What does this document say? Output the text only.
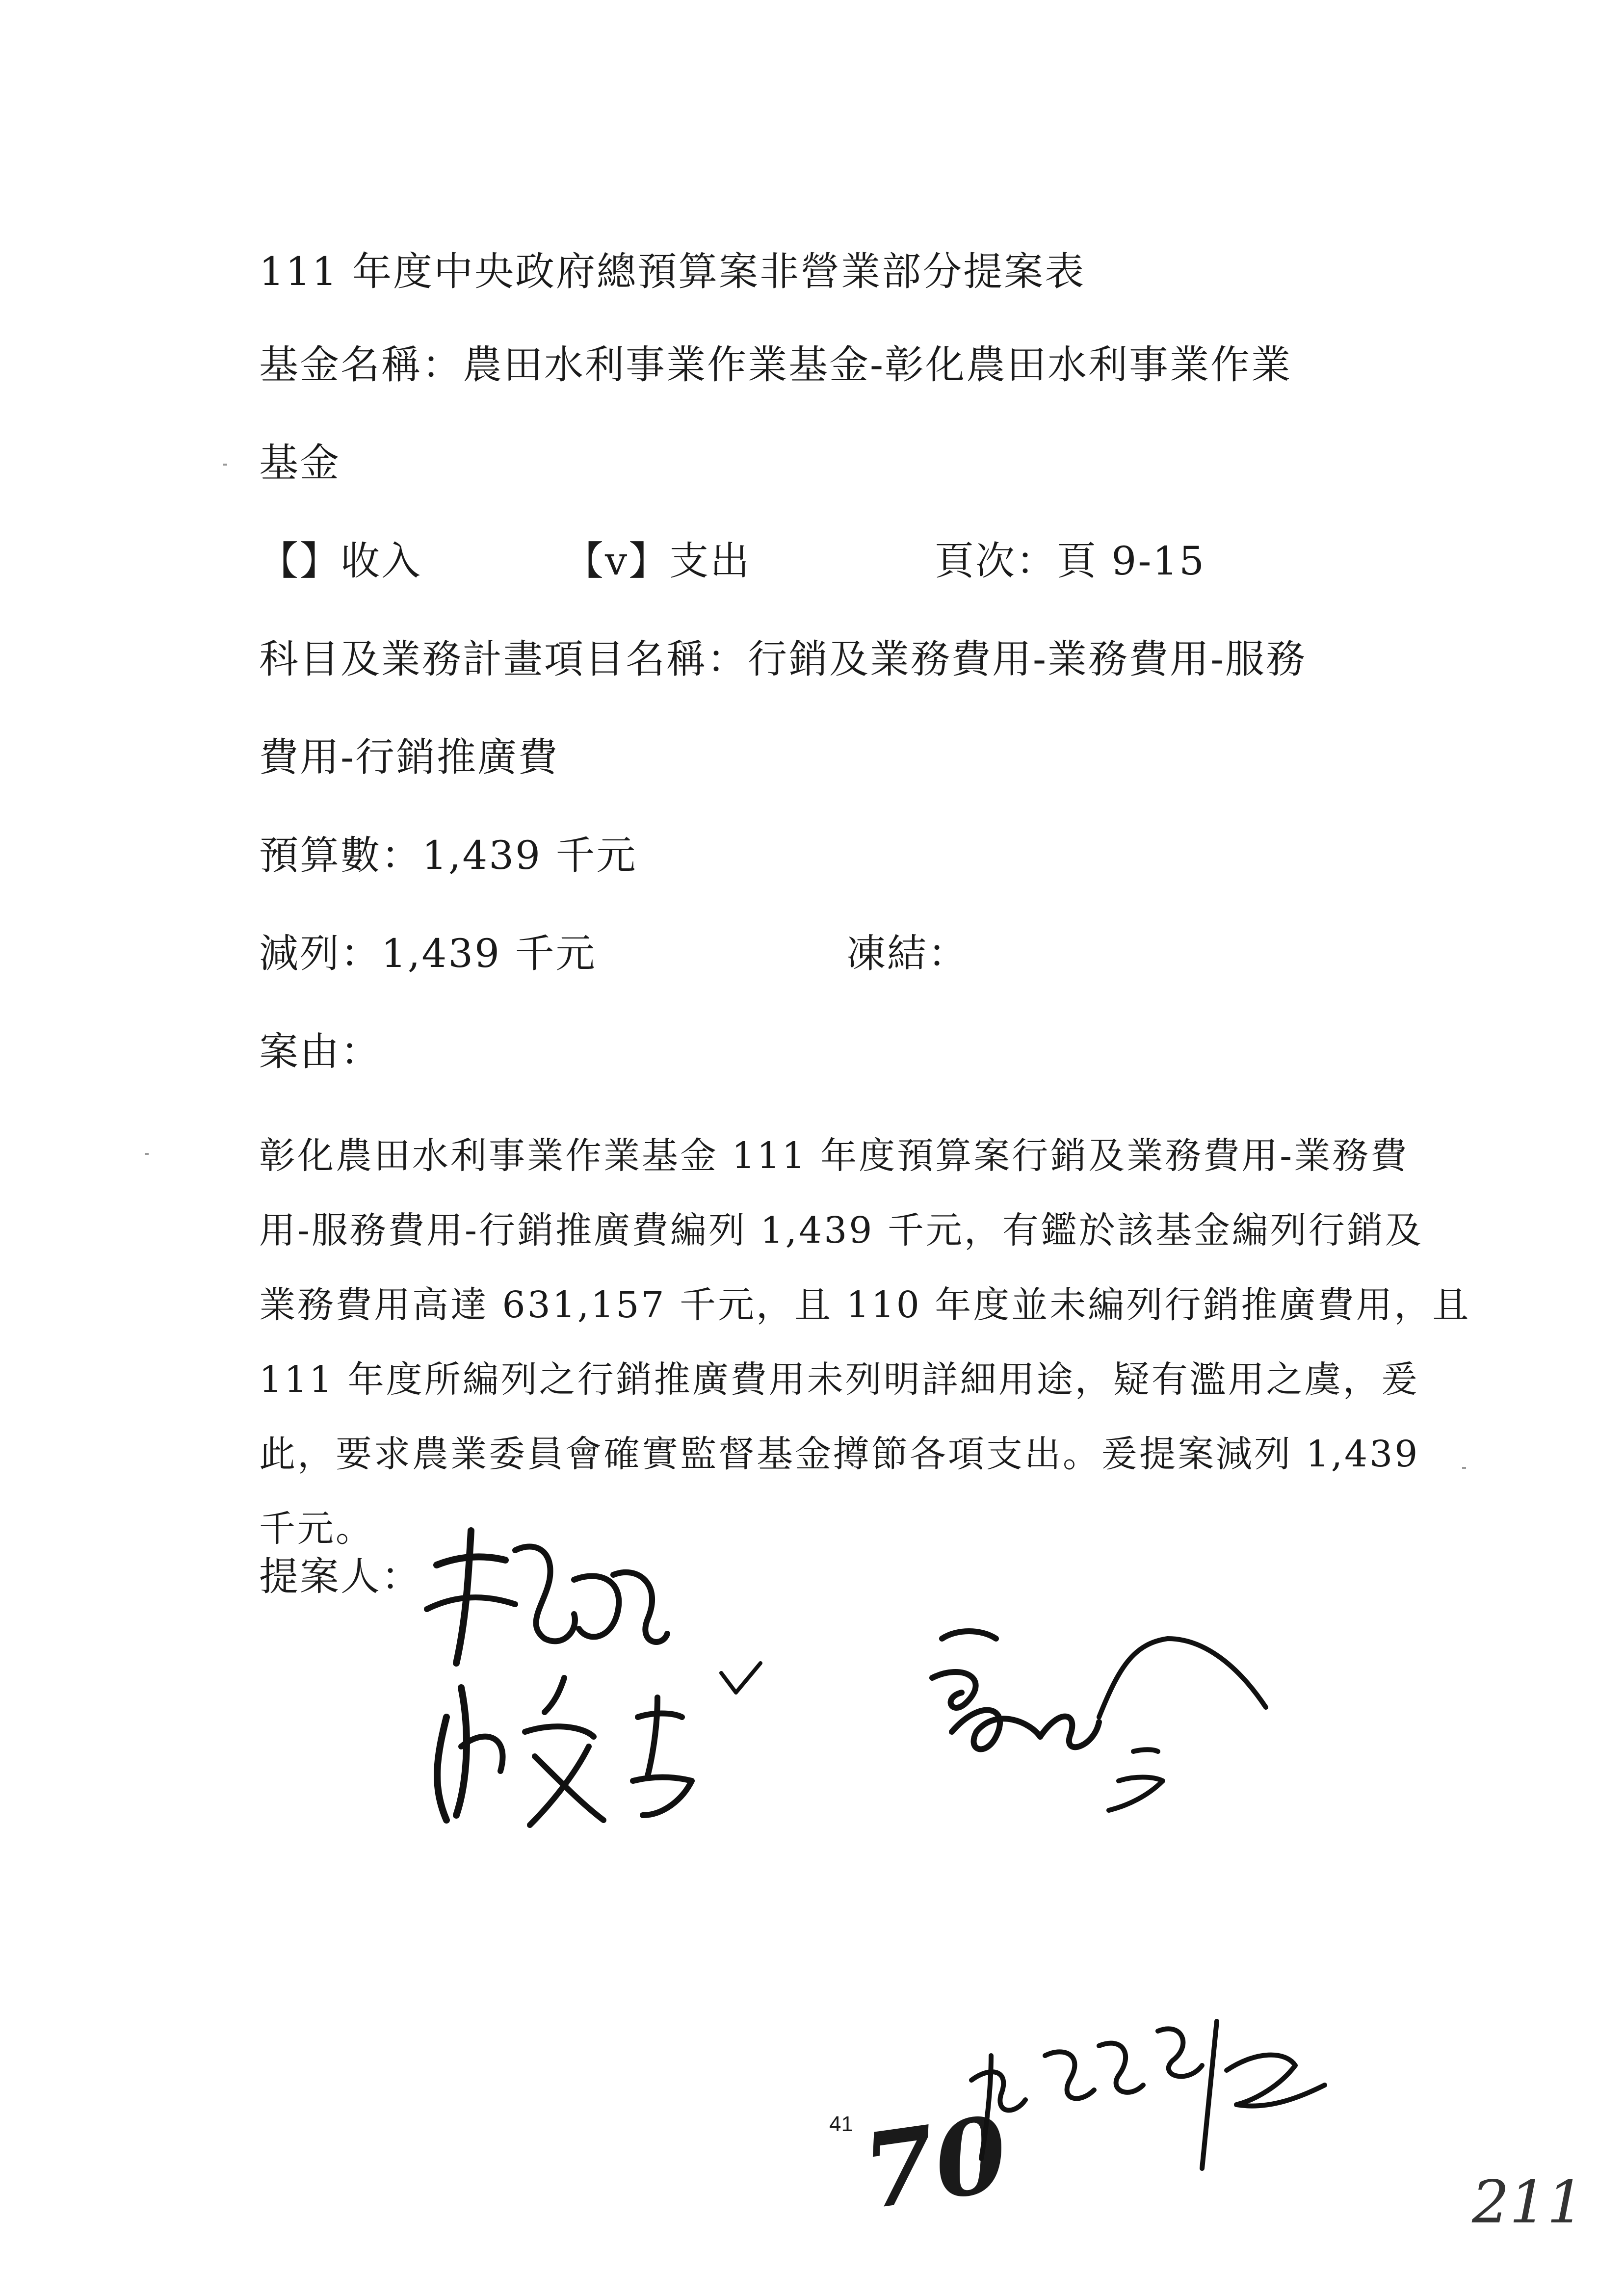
111 年度中央政府總預算案非營業部分提案表
基金名稱：農田水利事業作業基金-彰化農田水利事業作業
基金
【】收入	【v】支出	頁次：頁 9-15
科目及業務計畫項目名稱：行銷及業務費用-業務費用-服務
費用-行銷推廣費
預算數：1,439 千元
減列：1,439 千元	凍結：
案由：
彰化農田水利事業作業基金 111 年度預算案行銷及業務費用-業務費
用-服務費用-行銷推廣費編列 1,439 千元，有鑑於該基金編列行銷及
業務費用高達 631,157 千元，且 110 年度並未編列行銷推廣費用，且
111 年度所編列之行銷推廣費用未列明詳細用途，疑有濫用之虞，爰
此，要求農業委員會確實監督基金撙節各項支出。爰提案減列 1,439
千元。
提案人：
70	211
41
